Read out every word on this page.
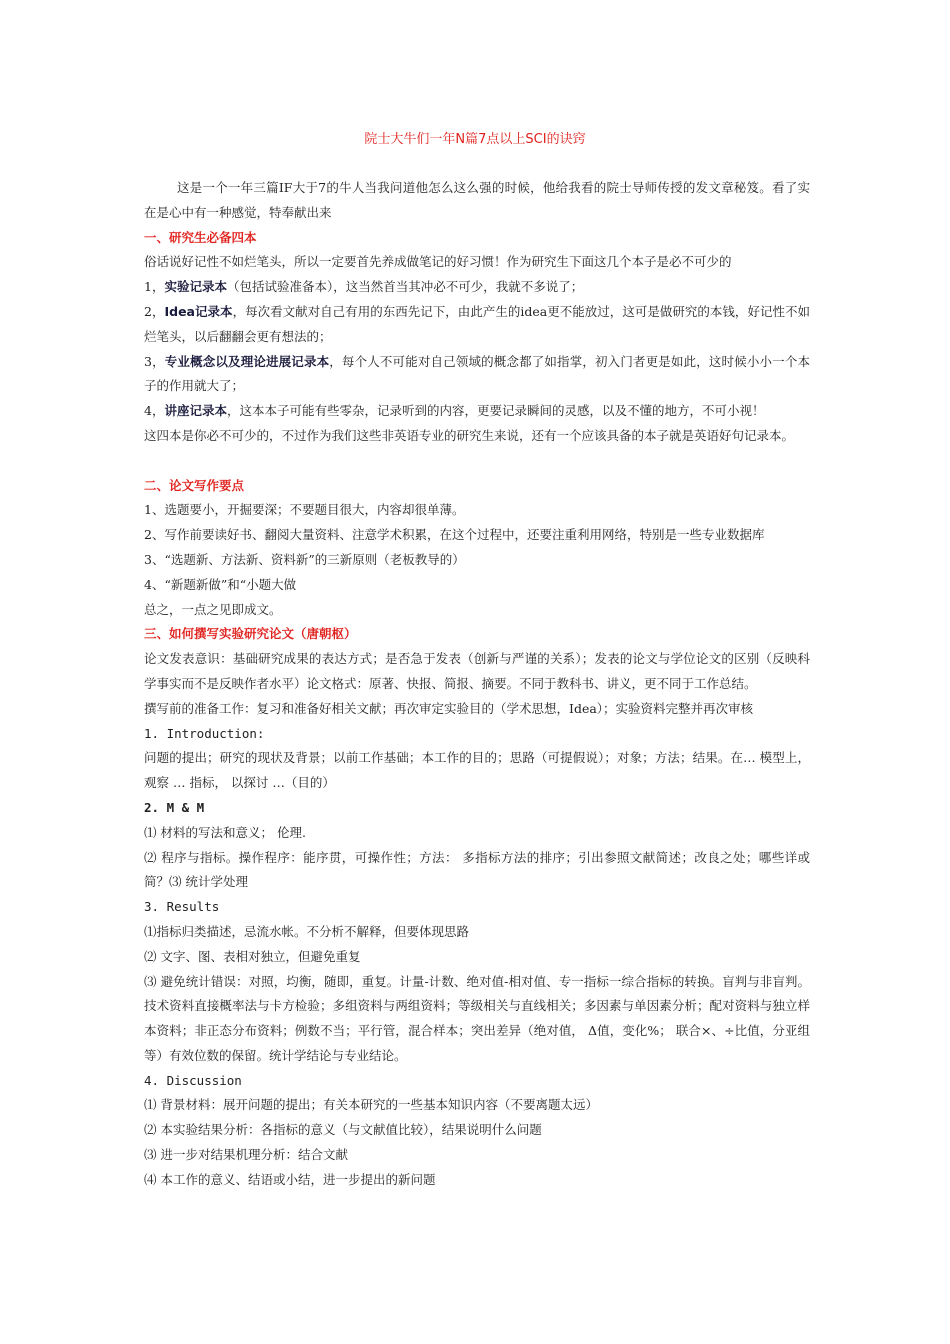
院士大牛们一年N篇7点以上SCI的诀窍
这是一个一年三篇IF大于7的牛人当我问道他怎么这么强的时候，他给我看的院士导师传授的发文章秘笈。看了实在是心中有一种感觉，特奉献出来
一、研究生必备四本
俗话说好记性不如烂笔头，所以一定要首先养成做笔记的好习惯！作为研究生下面这几个本子是必不可少的
1，实验记录本（包括试验准备本），这当然首当其冲必不可少，我就不多说了；
2，Idea记录本，每次看文献对自己有用的东西先记下，由此产生的idea更不能放过，这可是做研究的本钱，好记性不如烂笔头，以后翻翻会更有想法的；
3，专业概念以及理论进展记录本，每个人不可能对自己领域的概念都了如指掌，初入门者更是如此，这时候小小一个本子的作用就大了；
4，讲座记录本，这本本子可能有些零杂，记录听到的内容，更要记录瞬间的灵感，以及不懂的地方，不可小视！
这四本是你必不可少的，不过作为我们这些非英语专业的研究生来说，还有一个应该具备的本子就是英语好句记录本。
二、论文写作要点
1、选题要小，开掘要深；不要题目很大，内容却很单薄。
2、写作前要读好书、翻阅大量资料、注意学术积累，在这个过程中，还要注重利用网络，特别是一些专业数据库
3、“选题新、方法新、资料新”的三新原则（老板教导的）
4、“新题新做”和“小题大做
总之，一点之见即成文。
三、如何撰写实验研究论文（唐朝枢）
论文发表意识：基础研究成果的表达方式；是否急于发表（创新与严谨的关系）；发表的论文与学位论文的区别（反映科学事实而不是反映作者水平）论文格式：原著、快报、简报、摘要。不同于教科书、讲义，更不同于工作总结。
撰写前的准备工作：复习和准备好相关文献；再次审定实验目的（学术思想，Idea）；实验资料完整并再次审核
1. Introduction:
问题的提出；研究的现状及背景；以前工作基础；本工作的目的；思路（可提假说）；对象；方法；结果。在… 模型上，观察 … 指标， 以探讨 …（目的）
2. M & M
⑴ 材料的写法和意义； 伦理.
⑵ 程序与指标。操作程序：能序贯，可操作性；方法： 多指标方法的排序；引出参照文献简述；改良之处；哪些详或简？⑶ 统计学处理
3. Results
⑴指标归类描述，忌流水帐。不分析不解释，但要体现思路
⑵ 文字、图、表相对独立，但避免重复
⑶ 避免统计错误：对照，均衡，随即，重复。计量-计数、绝对值-相对值、专一指标一综合指标的转换。盲判与非盲判。技术资料直接概率法与卡方检验；多组资料与两组资料；等级相关与直线相关；多因素与单因素分析；配对资料与独立样本资料；非正态分布资料；例数不当；平行管，混合样本；突出差异（绝对值， Δ值，变化%； 联合×、÷比值，分亚组等）有效位数的保留。统计学结论与专业结论。
4. Discussion
⑴ 背景材料：展开问题的提出；有关本研究的一些基本知识内容（不要离题太远）
⑵ 本实验结果分析：各指标的意义（与文献值比较），结果说明什么问题
⑶ 进一步对结果机理分析：结合文献
⑷ 本工作的意义、结语或小结，进一步提出的新问题
